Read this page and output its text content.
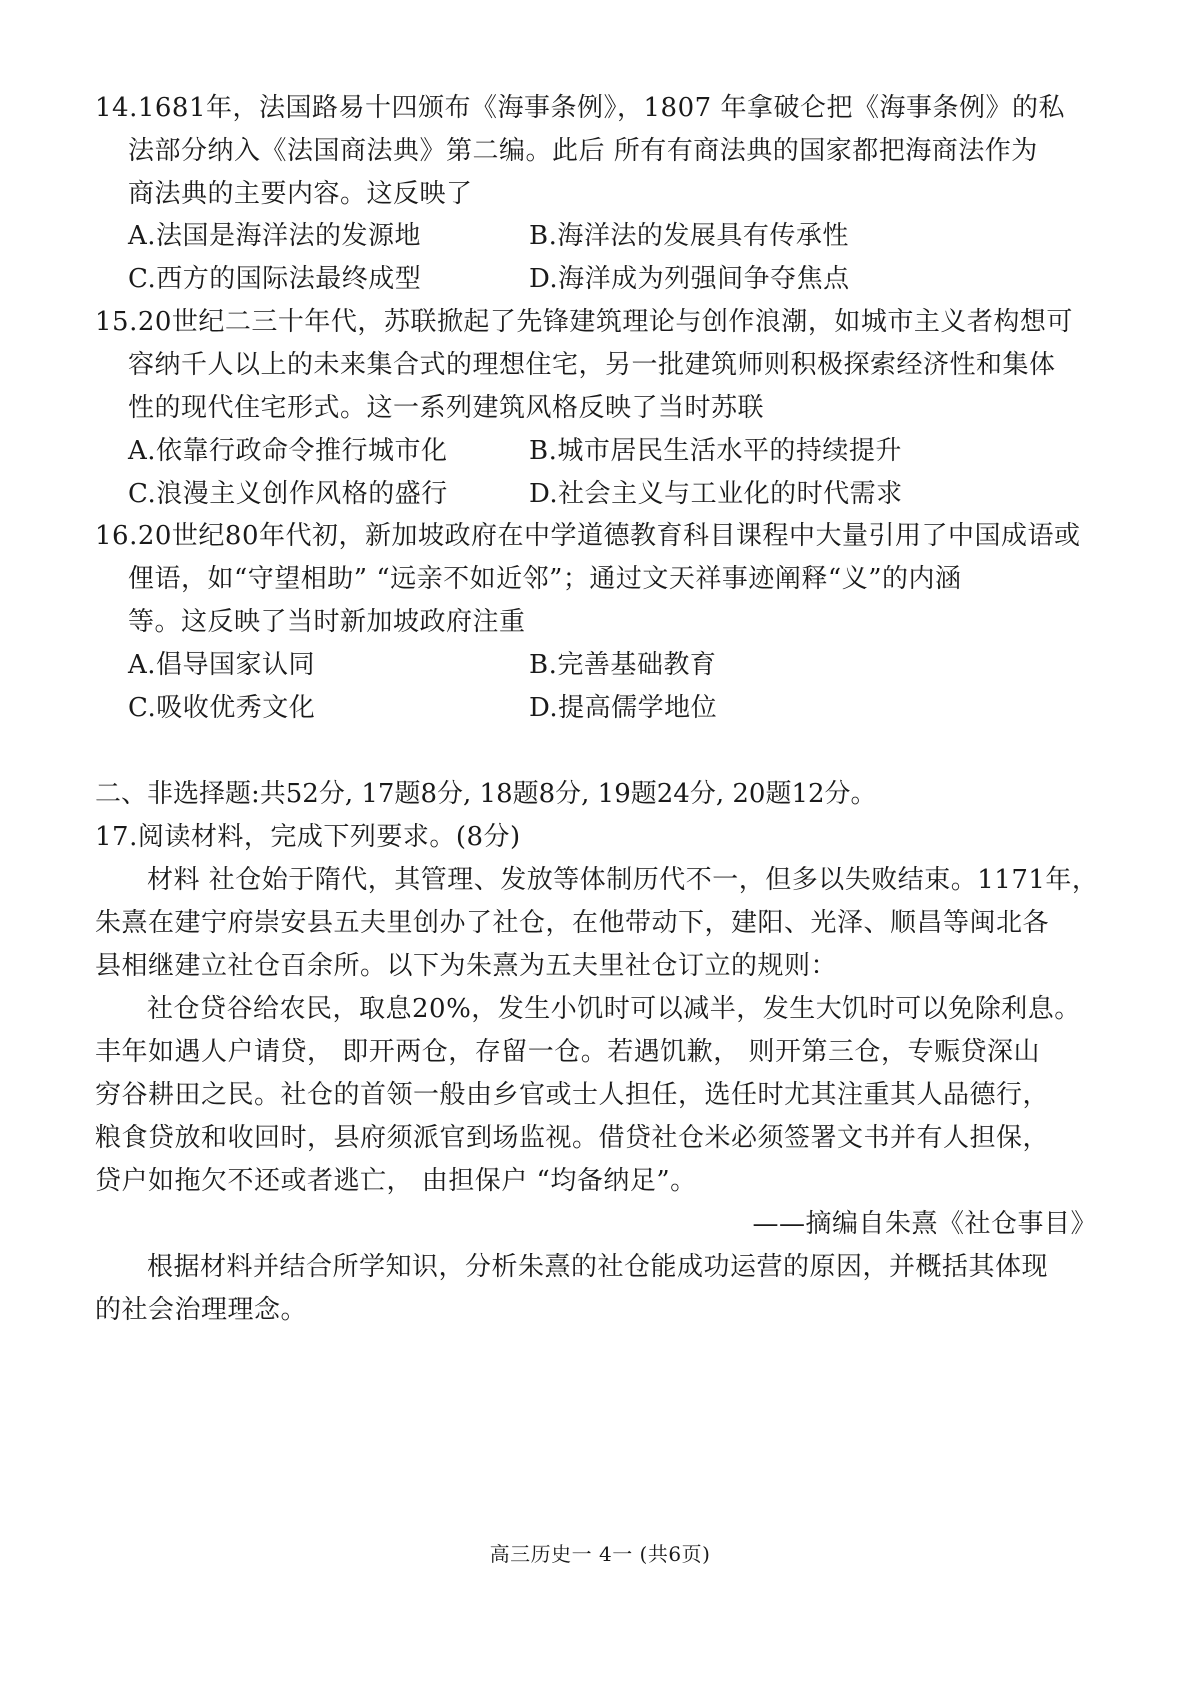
14.1681年，法国路易十四颁布《海事条例》，1807 年拿破仑把《海事条例》的私
法部分纳入《法国商法典》第二编。此后 所有有商法典的国家都把海商法作为
商法典的主要内容。这反映了
A.法国是海洋法的发源地	B.海洋法的发展具有传承性
C.西方的国际法最终成型	D.海洋成为列强间争夺焦点
15.20世纪二三十年代，苏联掀起了先锋建筑理论与创作浪潮，如城市主义者构想可
容纳千人以上的未来集合式的理想住宅，另一批建筑师则积极探索经济性和集体
性的现代住宅形式。这一系列建筑风格反映了当时苏联
A.依靠行政命令推行城市化	B.城市居民生活水平的持续提升
C.浪漫主义创作风格的盛行	D.社会主义与工业化的时代需求
16.20世纪80年代初，新加坡政府在中学道德教育科目课程中大量引用了中国成语或
俚语，如“守望相助” “远亲不如近邻”；通过文天祥事迹阐释“义”的内涵
等。这反映了当时新加坡政府注重
A.倡导国家认同	B.完善基础教育
C.吸收优秀文化	D.提高儒学地位
二、非选择题:共52分, 17题8分, 18题8分, 19题24分, 20题12分。
17.阅读材料，完成下列要求。(8分)
材料 社仓始于隋代，其管理、发放等体制历代不一，但多以失败结束。1171年，
朱熹在建宁府崇安县五夫里创办了社仓，在他带动下，建阳、光泽、顺昌等闽北各
县相继建立社仓百余所。以下为朱熹为五夫里社仓订立的规则：
社仓贷谷给农民，取息20%，发生小饥时可以减半，发生大饥时可以免除利息。
丰年如遇人户请贷， 即开两仓，存留一仓。若遇饥歉， 则开第三仓，专赈贷深山
穷谷耕田之民。社仓的首领一般由乡官或士人担任，选任时尤其注重其人品德行，
粮食贷放和收回时，县府须派官到场监视。借贷社仓米必须签署文书并有人担保，
贷户如拖欠不还或者逃亡， 由担保户 “均备纳足”。
——摘编自朱熹《社仓事目》
根据材料并结合所学知识，分析朱熹的社仓能成功运营的原因，并概括其体现
的社会治理理念。
高三历史一 4一 (共6页)
